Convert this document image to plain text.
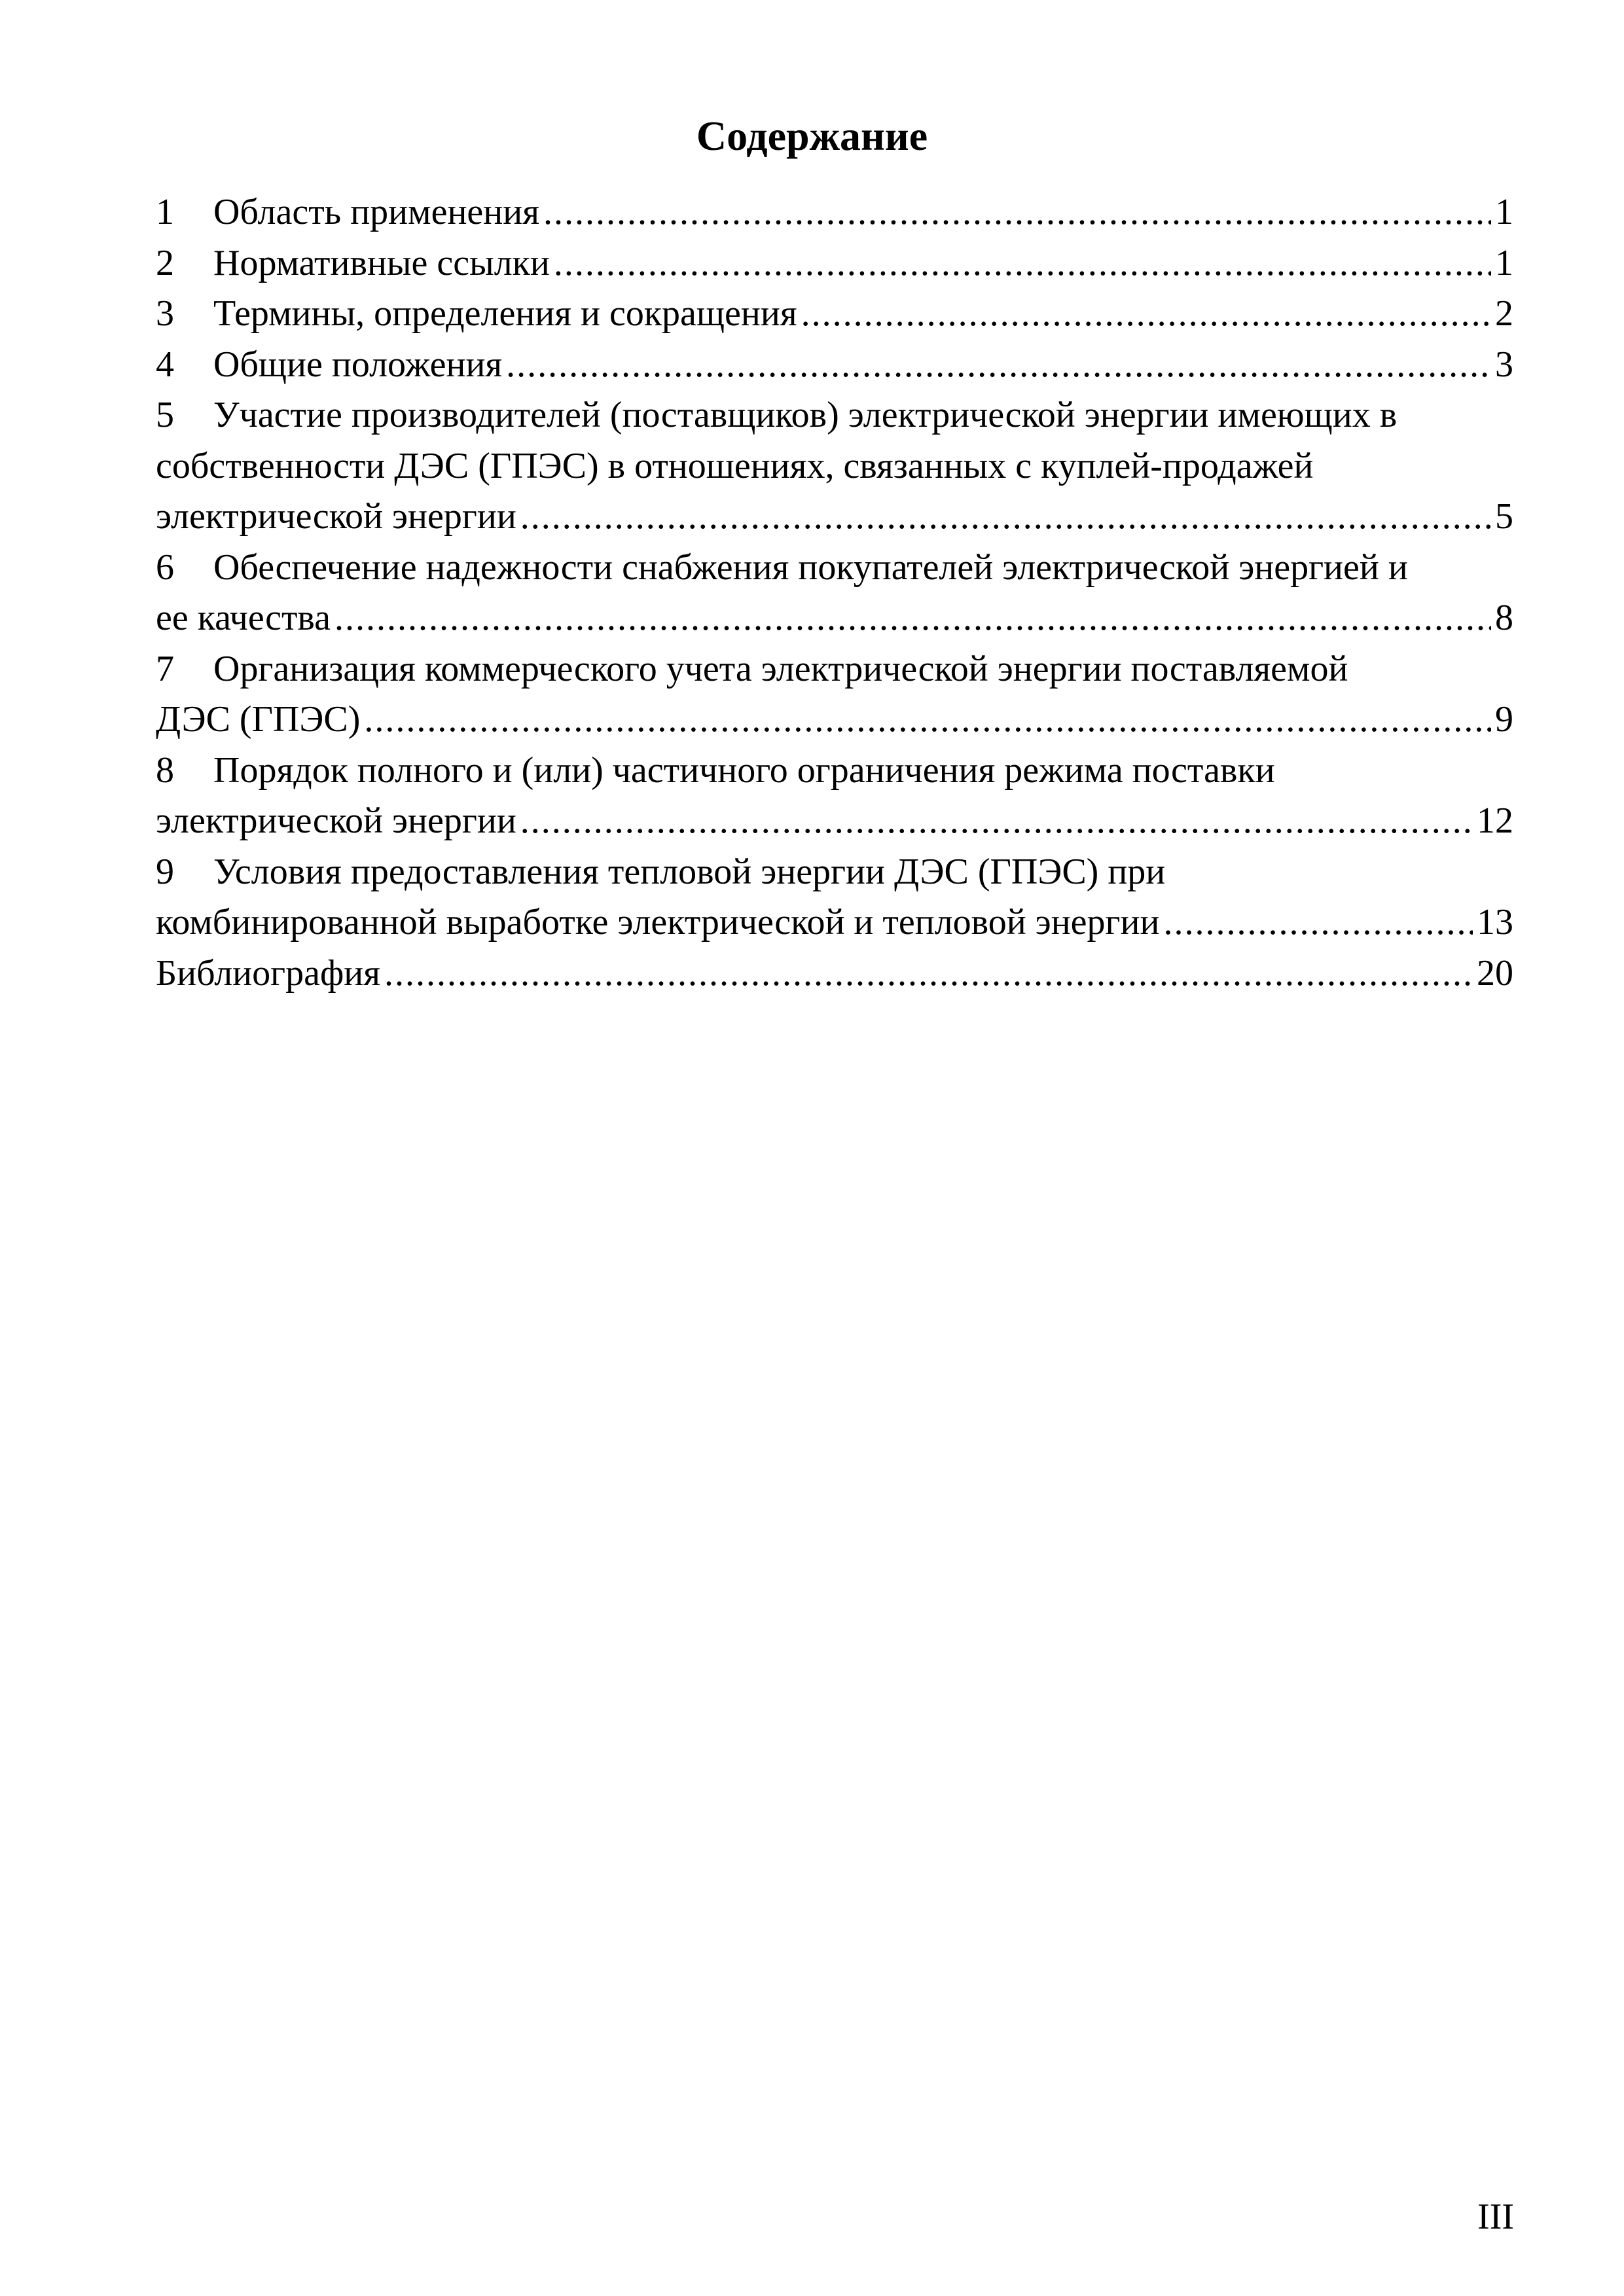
Содержание
1	Область применения .....	1
2	Нормативные ссылки .....	1
3	Термины, определения и сокращения .....	2
4	Общие положения .....	3
5	Участие производителей (поставщиков) электрической энергии имеющих в
собственности ДЭС (ГПЭС) в отношениях, связанных с куплей-продажей
электрической энергии .....	5
6	Обеспечение надежности снабжения покупателей электрической энергией и
ее качества .....	8
7	Организация коммерческого учета электрической энергии поставляемой
ДЭС (ГПЭС) .....	9
8	Порядок полного и (или) частичного ограничения режима поставки
электрической энергии .....	12
9	Условия предоставления тепловой энергии ДЭС (ГПЭС) при
комбинированной выработке электрической и тепловой энергии .....	13
Библиография .....	20
III
